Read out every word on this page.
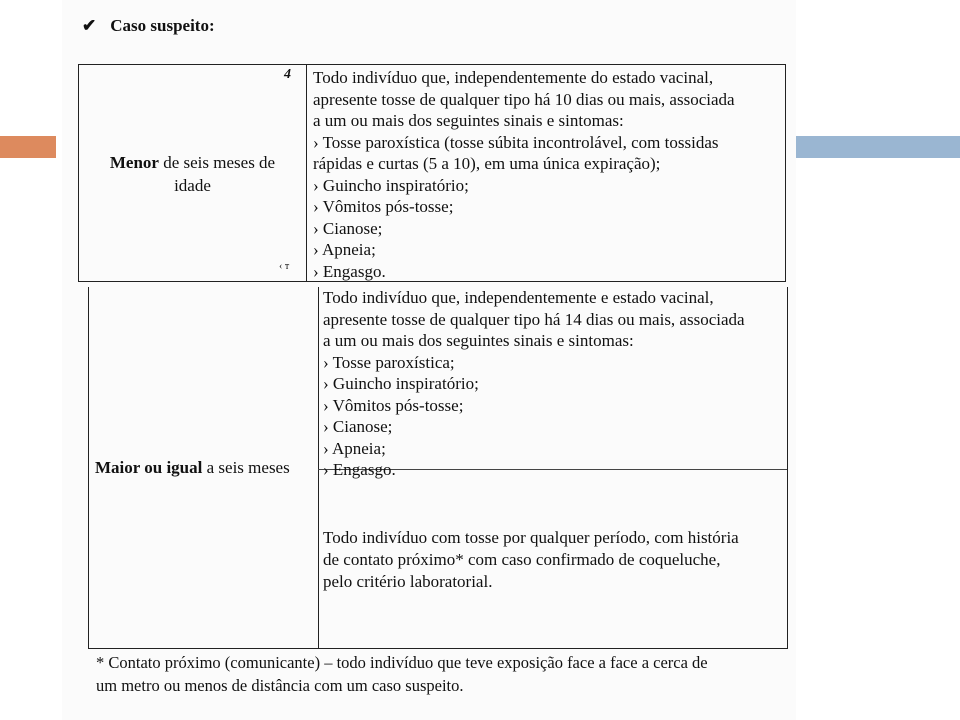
✔ Caso suspeito:
4
‹ ᴛ
Menor de seis meses de
idade
Todo indivíduo que, independentemente do estado vacinal,
apresente tosse de qualquer tipo há 10 dias ou mais, associada
a um ou mais dos seguintes sinais e sintomas:
› Tosse paroxística (tosse súbita incontrolável, com tossidas
rápidas e curtas (5 a 10), em uma única expiração);
› Guincho inspiratório;
› Vômitos pós-tosse;
› Cianose;
› Apneia;
› Engasgo.
Maior ou igual a seis meses
Todo indivíduo que, independentemente e estado vacinal,
apresente tosse de qualquer tipo há 14 dias ou mais, associada
a um ou mais dos seguintes sinais e sintomas:
› Tosse paroxística;
› Guincho inspiratório;
› Vômitos pós-tosse;
› Cianose;
› Apneia;
› Engasgo.
Todo indivíduo com tosse por qualquer período, com história
de contato próximo* com caso confirmado de coqueluche,
pelo critério laboratorial.
* Contato próximo (comunicante) – todo indivíduo que teve exposição face a face a cerca de
um metro ou menos de distância com um caso suspeito.
